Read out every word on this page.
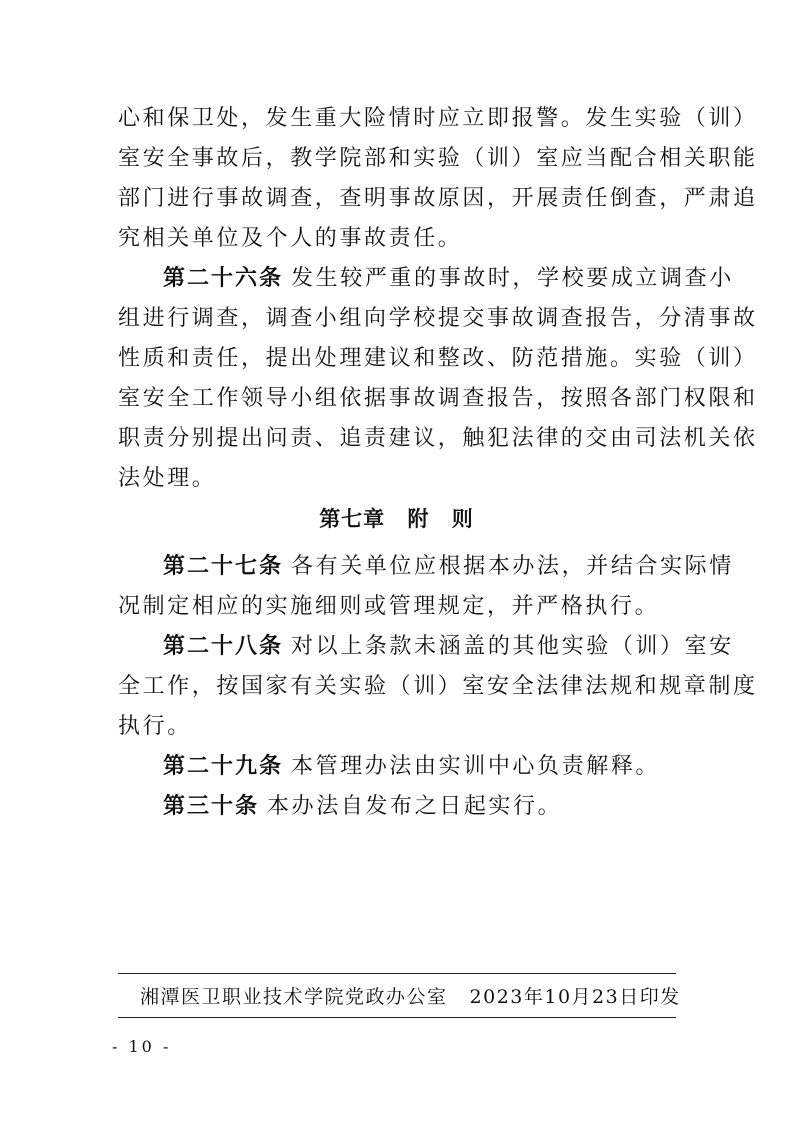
心和保卫处，发生重大险情时应立即报警。发生实验（训）
室安全事故后，教学院部和实验（训）室应当配合相关职能
部门进行事故调查，查明事故原因，开展责任倒查，严肃追
究相关单位及个人的事故责任。
第二十六条 发生较严重的事故时，学校要成立调查小
组进行调查，调查小组向学校提交事故调查报告，分清事故
性质和责任，提出处理建议和整改、防范措施。实验（训）
室安全工作领导小组依据事故调查报告，按照各部门权限和
职责分别提出问责、追责建议，触犯法律的交由司法机关依
法处理。
第七章 附 则
第二十七条 各有关单位应根据本办法，并结合实际情
况制定相应的实施细则或管理规定，并严格执行。
第二十八条 对以上条款未涵盖的其他实验（训）室安
全工作，按国家有关实验（训）室安全法律法规和规章制度
执行。
第二十九条 本管理办法由实训中心负责解释。
第三十条 本办法自发布之日起实行。
湘潭医卫职业技术学院党政办公室 2023年10月23日印发
- 10 -
